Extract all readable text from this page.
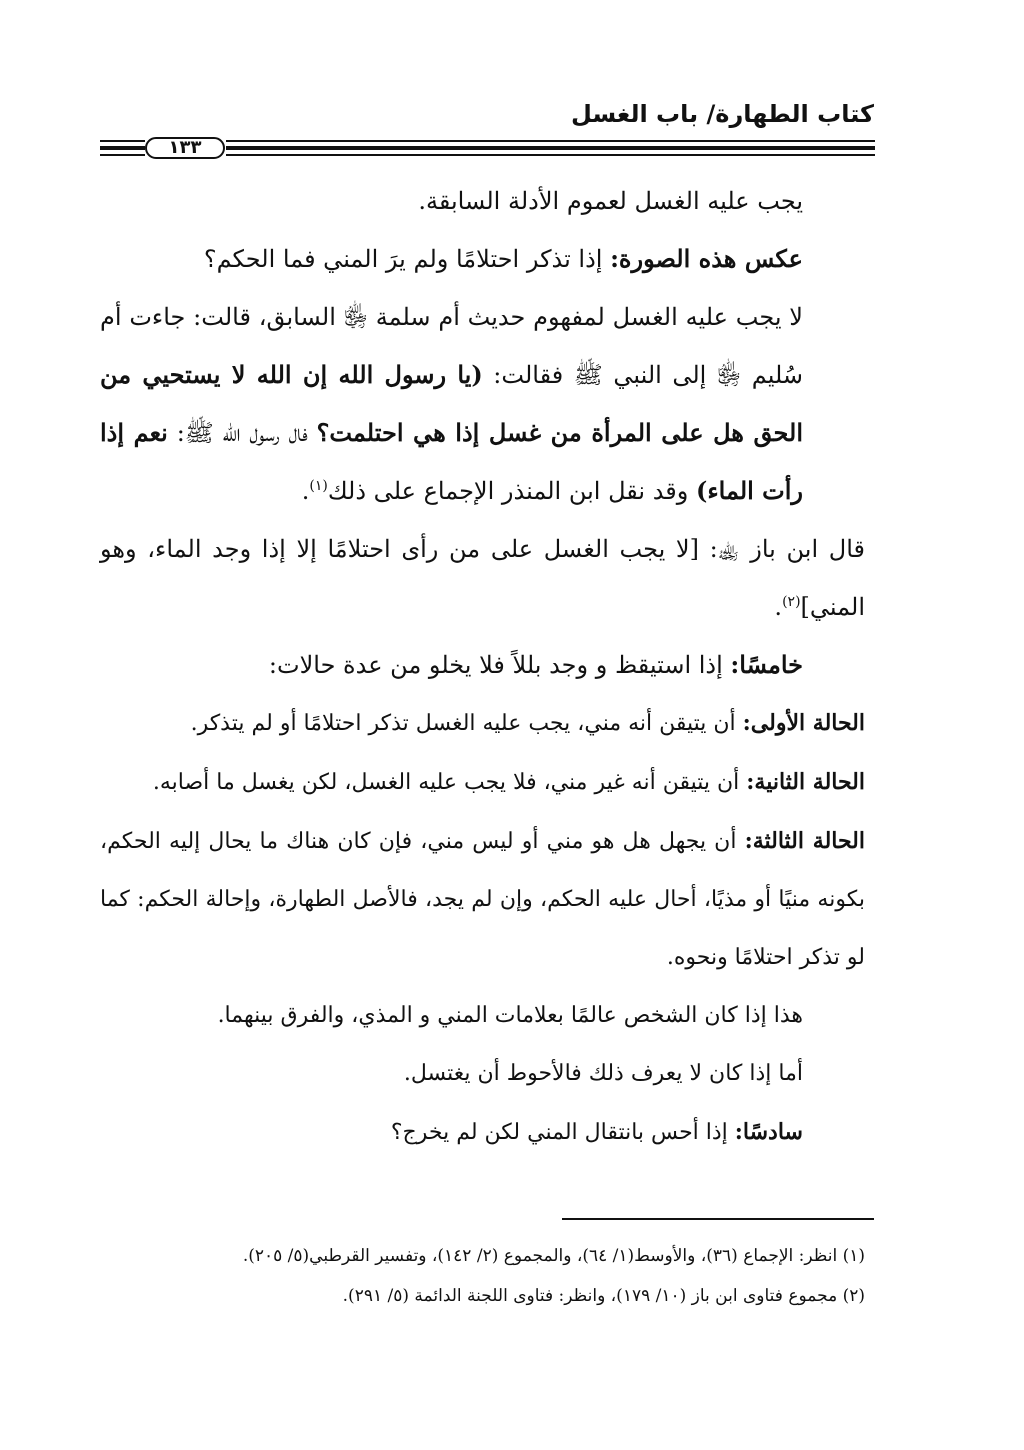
كتاب الطهارة/ باب الغسل
١٣٣

يجب عليه الغسل لعموم الأدلة السابقة.

عكس هذه الصورة: إذا تذكر احتلامًا ولم يرَ المني فما الحكم؟

لا يجب عليه الغسل لمفهوم حديث أم سلمة ﵂ السابق، قالت: جاءت أم سُليم ﵂ إلى النبي ﷺ فقالت: (يا رسول الله إن الله لا يستحيي من الحق هل على المرأة من غسل إذا هي احتلمت؟ فال رسول الله ﷺ: نعم إذا رأت الماء) وقد نقل ابن المنذر الإجماع على ذلك$^{(١)}$.

قال ابن باز ﵀: [لا يجب الغسل على من رأى احتلامًا إلا إذا وجد الماء، وهو المني]$^{(٢)}$.

خامسًا: إذا استيقظ و وجد بللاً فلا يخلو من عدة حالات:

الحالة الأولى: أن يتيقن أنه مني، يجب عليه الغسل تذكر احتلامًا أو لم يتذكر.

الحالة الثانية: أن يتيقن أنه غير مني، فلا يجب عليه الغسل، لكن يغسل ما أصابه.

الحالة الثالثة: أن يجهل هل هو مني أو ليس مني، فإن كان هناك ما يحال إليه الحكم، بكونه منيًا أو مذيًا، أحال عليه الحكم، وإن لم يجد، فالأصل الطهارة، وإحالة الحكم: كما لو تذكر احتلامًا ونحوه.

هذا إذا كان الشخص عالمًا بعلامات المني و المذي، والفرق بينهما.

أما إذا كان لا يعرف ذلك فالأحوط أن يغتسل.

سادسًا: إذا أحس بانتقال المني لكن لم يخرج؟

(١) انظر: الإجماع (٣٦)، والأوسط(١/ ٦٤)، والمجموع (٢/ ١٤٢)، وتفسير القرطبي(٥/ ٢٠٥).

(٢) مجموع فتاوى ابن باز (١٠/ ١٧٩)، وانظر: فتاوى اللجنة الدائمة (٥/ ٢٩١).
